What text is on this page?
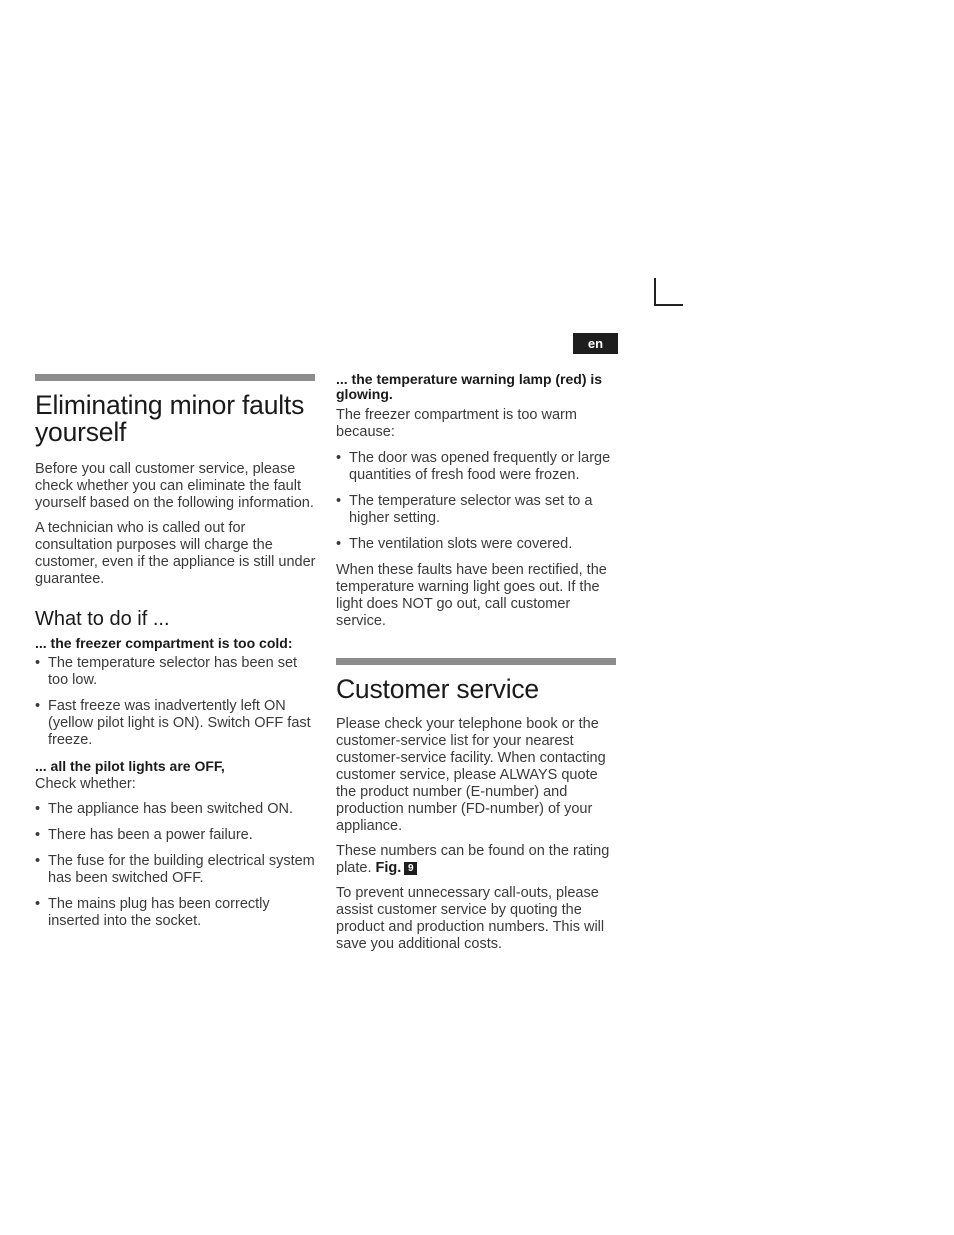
en
Eliminating minor faults yourself

Before you call customer service, please check whether you can eliminate the fault yourself based on the following information.

A technician who is called out for consultation purposes will charge the customer, even if the appliance is still under guarantee.

What to do if ...
... the freezer compartment is too cold:
• The temperature selector has been set too low.
• Fast freeze was inadvertently left ON (yellow pilot light is ON). Switch OFF fast freeze.
... all the pilot lights are OFF,

Check whether:

• The appliance has been switched ON.
• There has been a power failure.
• The fuse for the building electrical system has been switched OFF.
• The mains plug has been correctly inserted into the socket.
... the temperature warning lamp (red) is glowing.

The freezer compartment is too warm because:

• The door was opened frequently or large quantities of fresh food were frozen.
• The temperature selector was set to a higher setting.
• The ventilation slots were covered.

When these faults have been rectified, the temperature warning light goes out. If the light does NOT go out, call customer service.

Customer service

Please check your telephone book or the customer-service list for your nearest customer-service facility. When contacting customer service, please ALWAYS quote the product number (E-number) and production number (FD-number) of your appliance.

These numbers can be found on the rating plate. Fig. 9

To prevent unnecessary call-outs, please assist customer service by quoting the product and production numbers. This will save you additional costs.
